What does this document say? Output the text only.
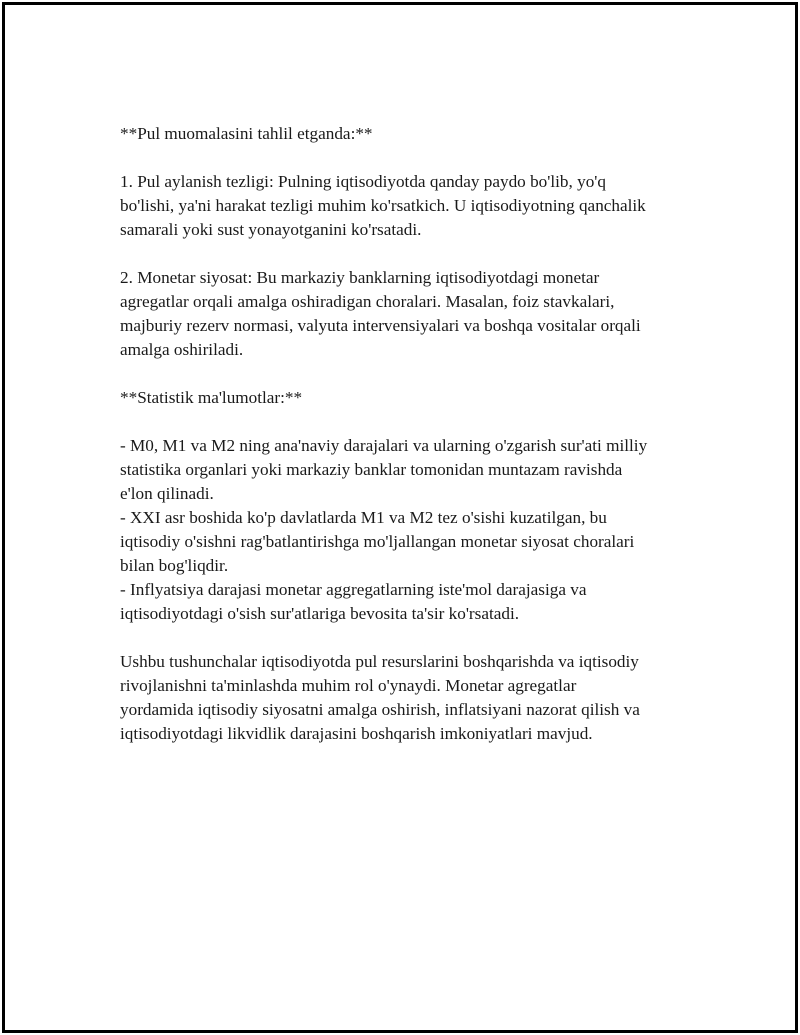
**Pul muomalasini tahlil etganda:**

1. Pul aylanish tezligi: Pulning iqtisodiyotda qanday paydo bo'lib, yo'q
bo'lishi, ya'ni harakat tezligi muhim ko'rsatkich. U iqtisodiyotning qanchalik
samarali yoki sust yonayotganini ko'rsatadi.

2. Monetar siyosat: Bu markaziy banklarning iqtisodiyotdagi monetar
agregatlar orqali amalga oshiradigan choralari. Masalan, foiz stavkalari,
majburiy rezerv normasi, valyuta intervensiyalari va boshqa vositalar orqali
amalga oshiriladi.

**Statistik ma'lumotlar:**

- M0, M1 va M2 ning ana'naviy darajalari va ularning o'zgarish sur'ati milliy
statistika organlari yoki markaziy banklar tomonidan muntazam ravishda
e'lon qilinadi.

- XXI asr boshida ko'p davlatlarda M1 va M2 tez o'sishi kuzatilgan, bu
iqtisodiy o'sishni rag'batlantirishga mo'ljallangan monetar siyosat choralari
bilan bog'liqdir.

- Inflyatsiya darajasi monetar aggregatlarning iste'mol darajasiga va
iqtisodiyotdagi o'sish sur'atlariga bevosita ta'sir ko'rsatadi.

Ushbu tushunchalar iqtisodiyotda pul resurslarini boshqarishda va iqtisodiy
rivojlanishni ta'minlashda muhim rol o'ynaydi. Monetar agregatlar
yordamida iqtisodiy siyosatni amalga oshirish, inflatsiyani nazorat qilish va
iqtisodiyotdagi likvidlik darajasini boshqarish imkoniyatlari mavjud.
